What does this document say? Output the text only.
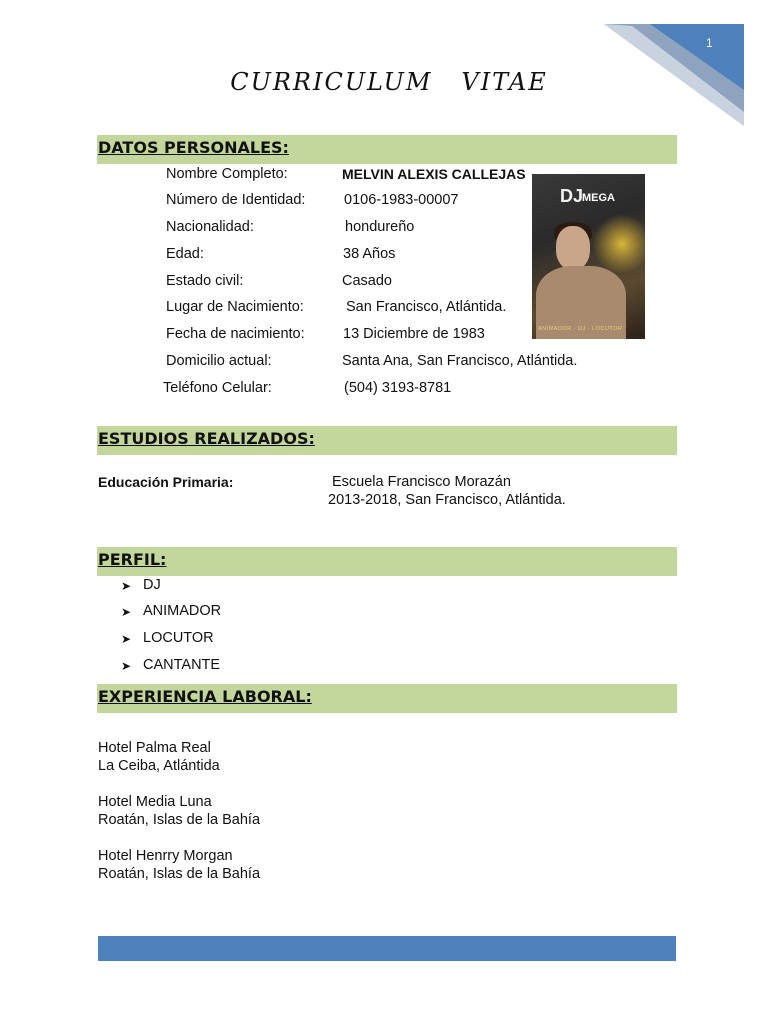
1
CURRICULUM   VITAE
DATOS PERSONALES:
Nombre Completo:	MELVIN ALEXIS CALLEJAS
Número de Identidad:	0106-1983-00007
Nacionalidad:	hondureño
Edad:	38 Años
Estado civil:	Casado
Lugar de Nacimiento:	San Francisco, Atlántida.
Fecha de nacimiento:	13 Diciembre de 1983
Domicilio actual:	Santa Ana, San Francisco, Atlántida.
Teléfono Celular:	(504) 3193-8781
DJ
MEGA
ANIMADOR - DJ - LOCUTOR
ESTUDIOS REALIZADOS:
Educación Primaria:	Escuela Francisco Morazán
2013-2018, San Francisco, Atlántida.
PERFIL:
➤ DJ
➤ ANIMADOR
➤ LOCUTOR
➤ CANTANTE
EXPERIENCIA LABORAL:
Hotel Palma Real
La Ceiba, Atlántida
Hotel Media Luna
Roatán, Islas de la Bahía
Hotel Henrry Morgan
Roatán, Islas de la Bahía
